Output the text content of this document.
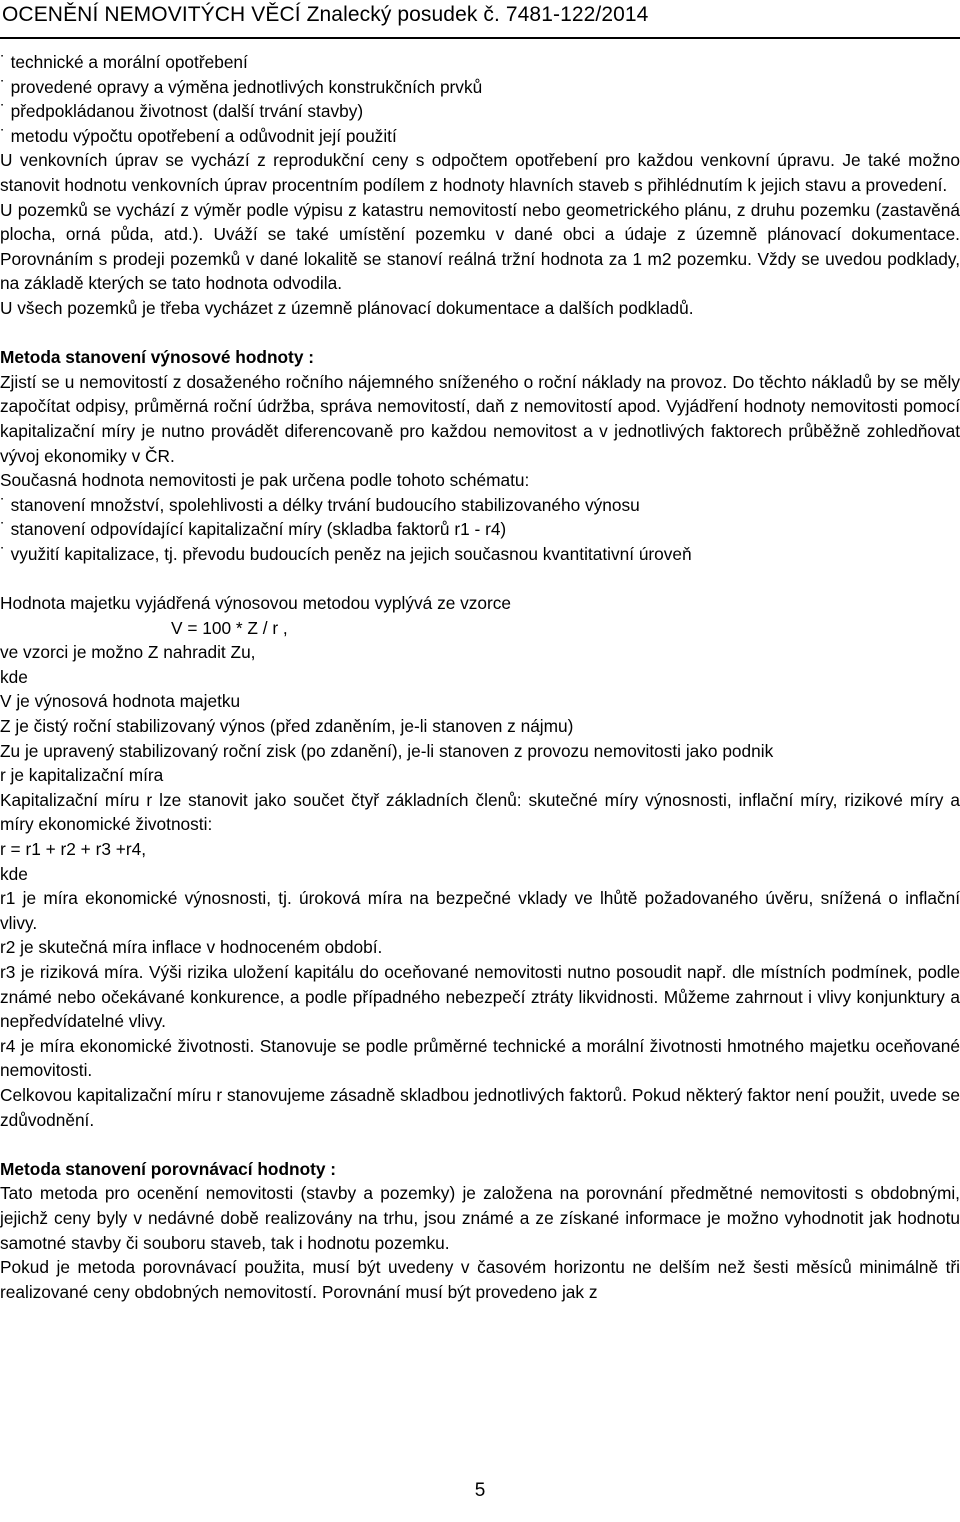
OCENĚNÍ NEMOVITÝCH VĚCÍ Znalecký posudek č. 7481-122/2014

˙ technické a morální opotřebení

˙ provedené opravy a výměna jednotlivých konstrukčních prvků

˙ předpokládanou životnost (další trvání stavby)

˙ metodu výpočtu opotřebení a odůvodnit její použití

U venkovních úprav se vychází z reprodukční ceny s odpočtem opotřebení pro každou venkovní úpravu. Je také možno stanovit hodnotu venkovních úprav procentním podílem z hodnoty hlavních staveb s přihlédnutím k jejich stavu a provedení.

U pozemků se vychází z výměr podle výpisu z katastru nemovitostí nebo geometrického plánu, z druhu pozemku (zastavěná plocha, orná půda, atd.). Uváží se také umístění pozemku v dané obci a údaje z územně plánovací dokumentace. Porovnáním s prodeji pozemků v dané lokalitě se stanoví reálná tržní hodnota za 1 m2 pozemku. Vždy se uvedou podklady, na základě kterých se tato hodnota odvodila.

U všech pozemků je třeba vycházet z územně plánovací dokumentace a dalších podkladů.

Metoda stanovení výnosové hodnoty :

Zjistí se u nemovitostí z dosaženého ročního nájemného sníženého o roční náklady na provoz. Do těchto nákladů by se měly započítat odpisy, průměrná roční údržba, správa nemovitostí, daň z nemovitostí apod. Vyjádření hodnoty nemovitosti pomocí kapitalizační míry je nutno provádět diferencovaně pro každou nemovitost a v jednotlivých faktorech průběžně zohledňovat vývoj ekonomiky v ČR.

Současná hodnota nemovitosti je pak určena podle tohoto schématu:

˙ stanovení množství, spolehlivosti a délky trvání budoucího stabilizovaného výnosu

˙ stanovení odpovídající kapitalizační míry (skladba faktorů r1 - r4)

˙ využití kapitalizace, tj. převodu budoucích peněz na jejich současnou kvantitativní úroveň

Hodnota majetku vyjádřená výnosovou metodou vyplývá ze vzorce

V = 100 * Z / r ,

ve vzorci je možno Z nahradit Zu,

kde

V je výnosová hodnota majetku

Z je čistý roční stabilizovaný výnos (před zdaněním, je-li stanoven z nájmu)

Zu je upravený stabilizovaný roční zisk (po zdanění), je-li stanoven z provozu nemovitosti jako podnik

r je kapitalizační míra

Kapitalizační míru r lze stanovit jako součet čtyř základních členů: skutečné míry výnosnosti, inflační míry, rizikové míry a míry ekonomické životnosti:

r = r1 + r2 + r3 +r4,

kde

r1 je míra ekonomické výnosnosti, tj. úroková míra na bezpečné vklady ve lhůtě požadovaného úvěru, snížená o inflační vlivy.

r2 je skutečná míra inflace v hodnoceném období.

r3 je riziková míra. Výši rizika uložení kapitálu do oceňované nemovitosti nutno posoudit např. dle místních podmínek, podle známé nebo očekávané konkurence, a podle případného nebezpečí ztráty likvidnosti. Můžeme zahrnout i vlivy konjunktury a nepředvídatelné vlivy.

r4 je míra ekonomické životnosti. Stanovuje se podle průměrné technické a morální životnosti hmotného majetku oceňované nemovitosti.

Celkovou kapitalizační míru r stanovujeme zásadně skladbou jednotlivých faktorů. Pokud některý faktor není použit, uvede se zdůvodnění.

Metoda stanovení porovnávací hodnoty :

Tato metoda pro ocenění nemovitosti (stavby a pozemky) je založena na porovnání předmětné nemovitosti s obdobnými, jejichž ceny byly v nedávné době realizovány na trhu, jsou známé a ze získané informace je možno vyhodnotit jak hodnotu samotné stavby či souboru staveb, tak i hodnotu pozemku.

Pokud je metoda porovnávací použita, musí být uvedeny v časovém horizontu ne delším než šesti měsíců minimálně tři realizované ceny obdobných nemovitostí. Porovnání musí být provedeno jak z

5
